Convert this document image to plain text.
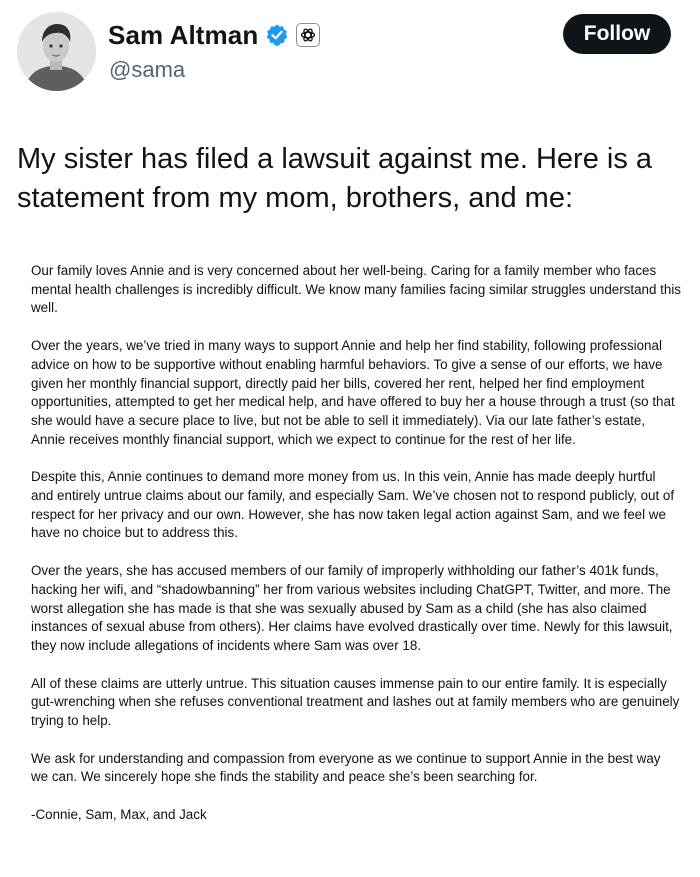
Sam Altman
@sama
Follow

My sister has filed a lawsuit against me. Here is a statement from my mom, brothers, and me:

Our family loves Annie and is very concerned about her well-being. Caring for a family member who faces mental health challenges is incredibly difficult. We know many families facing similar struggles understand this well.

Over the years, we’ve tried in many ways to support Annie and help her find stability, following professional advice on how to be supportive without enabling harmful behaviors. To give a sense of our efforts, we have given her monthly financial support, directly paid her bills, covered her rent, helped her find employment opportunities, attempted to get her medical help, and have offered to buy her a house through a trust (so that she would have a secure place to live, but not be able to sell it immediately). Via our late father’s estate, Annie receives monthly financial support, which we expect to continue for the rest of her life.

Despite this, Annie continues to demand more money from us. In this vein, Annie has made deeply hurtful and entirely untrue claims about our family, and especially Sam. We’ve chosen not to respond publicly, out of respect for her privacy and our own. However, she has now taken legal action against Sam, and we feel we have no choice but to address this.

Over the years, she has accused members of our family of improperly withholding our father’s 401k funds, hacking her wifi, and “shadowbanning” her from various websites including ChatGPT, Twitter, and more. The worst allegation she has made is that she was sexually abused by Sam as a child (she has also claimed instances of sexual abuse from others). Her claims have evolved drastically over time. Newly for this lawsuit, they now include allegations of incidents where Sam was over 18.

All of these claims are utterly untrue. This situation causes immense pain to our entire family. It is especially gut-wrenching when she refuses conventional treatment and lashes out at family members who are genuinely trying to help.

We ask for understanding and compassion from everyone as we continue to support Annie in the best way we can. We sincerely hope she finds the stability and peace she’s been searching for.

-Connie, Sam, Max, and Jack
